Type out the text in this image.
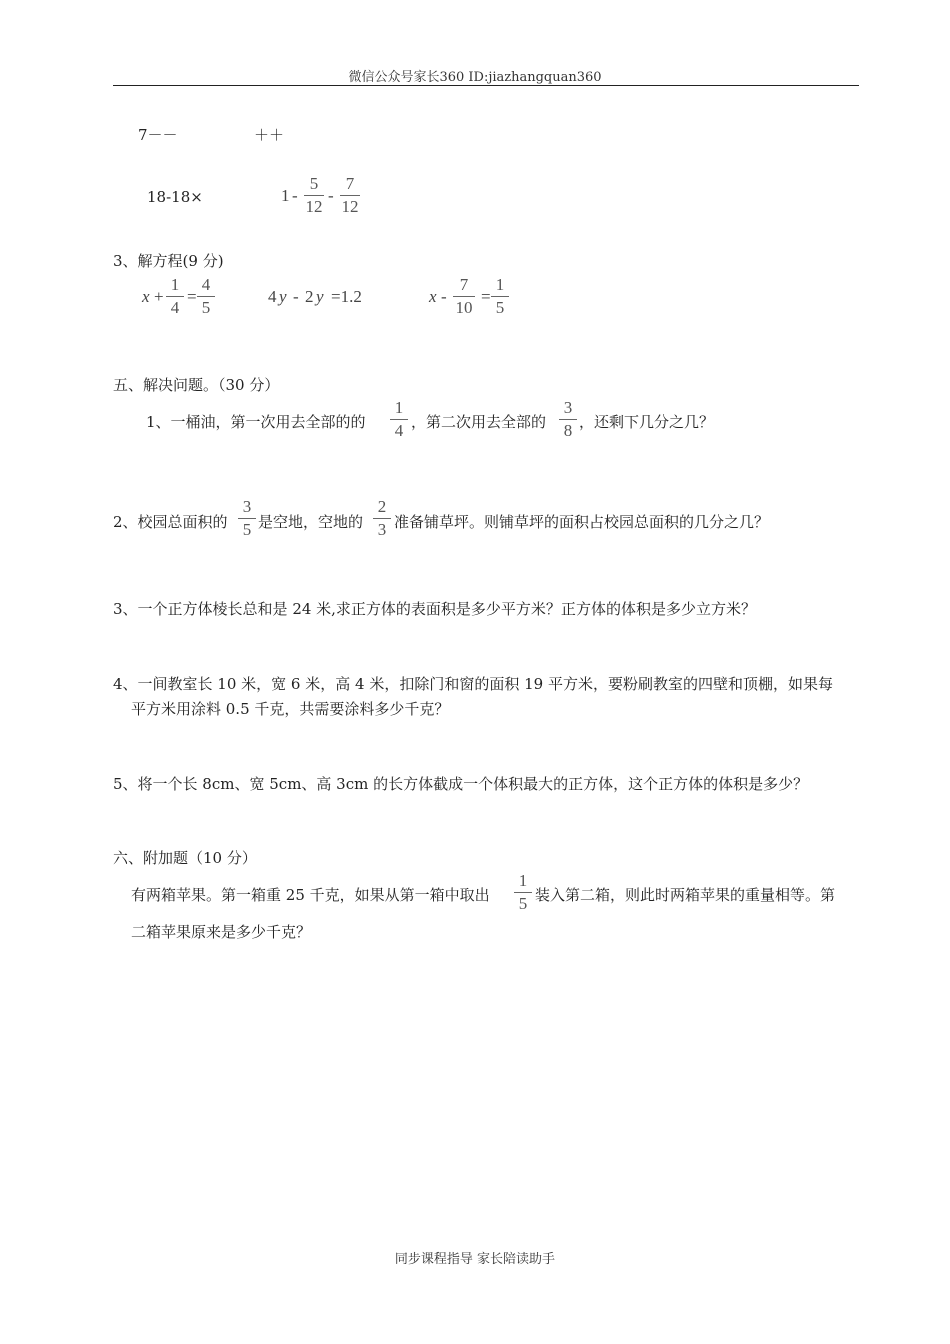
微信公众号家长360 ID:jiazhangquan360
7－－	＋＋
18-18×	1 -
5
12
-
7
12
3、解方程(9 分)
x +
1
4
=
4
5
4 y - 2 y =1.2	x -
7
10
=
1
5
五、解决问题。（30 分）
1、一桶油，第一次用去全部的的
1
4 ，第二次用去全部的
3
8 ，还剩下几分之几？
2、校园总面积的
3
5 是空地，空地的
2
3 准备铺草坪。则铺草坪的面积占校园总面积的几分之几？
3、一个正方体棱长总和是 24 米,求正方体的表面积是多少平方米？正方体的体积是多少立方米？
4、一间教室长 10 米，宽 6 米，高 4 米，扣除门和窗的面积 19 平方米，要粉刷教室的四壁和顶棚，如果每
平方米用涂料 0.5 千克，共需要涂料多少千克？
5、将一个长 8cm、宽 5cm、高 3cm 的长方体截成一个体积最大的正方体，这个正方体的体积是多少？
六、附加题（10 分）
有两箱苹果。第一箱重 25 千克，如果从第一箱中取出
1
5 装入第二箱，则此时两箱苹果的重量相等。第
二箱苹果原来是多少千克？
同步课程指导 家长陪读助手
